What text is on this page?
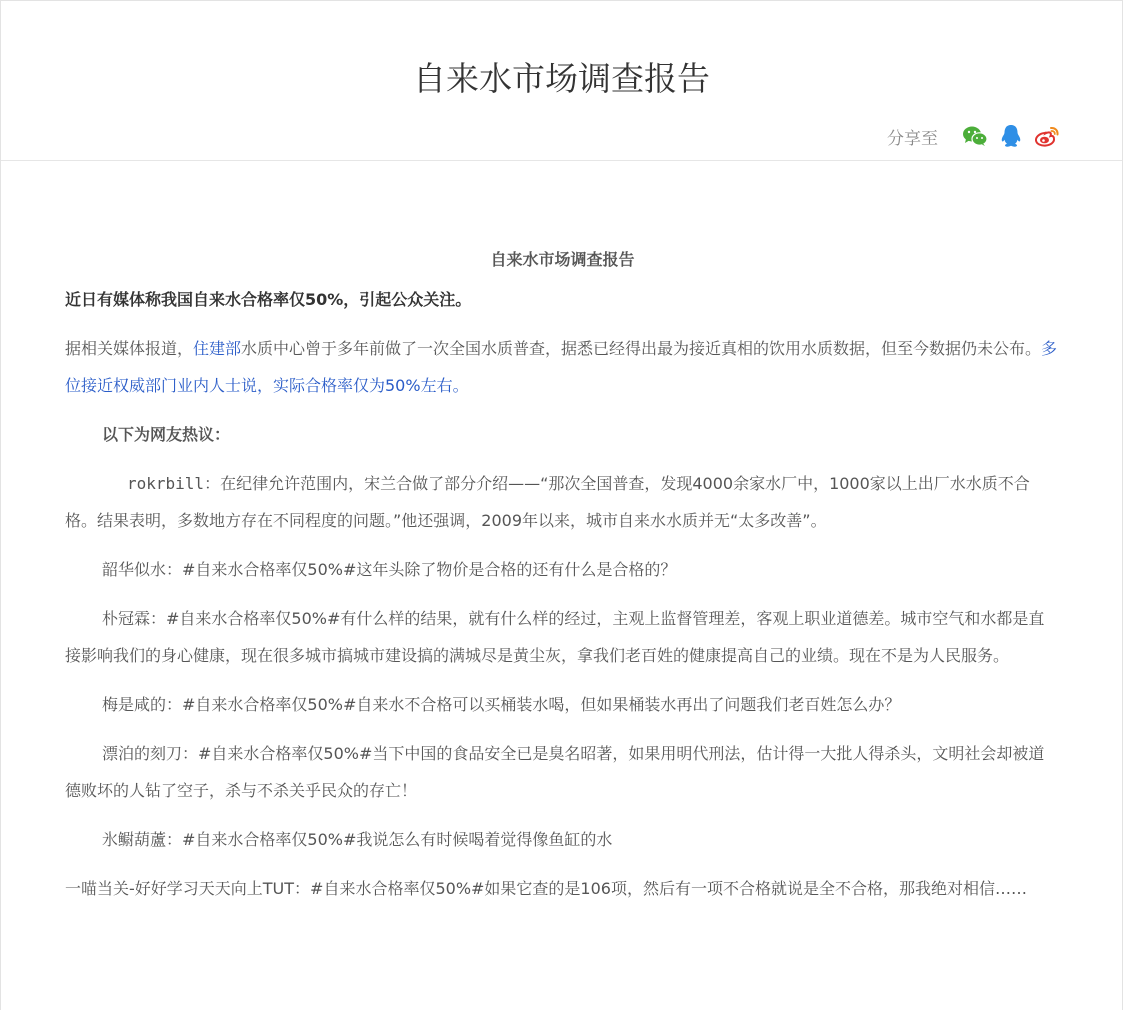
自来水市场调查报告
分享至

自来水市场调查报告

近日有媒体称我国自来水合格率仅50%，引起公众关注。

据相关媒体报道，住建部水质中心曾于多年前做了一次全国水质普查，据悉已经得出最为接近真相的饮用水质数据，但至今数据仍未公布。多位接近权威部门业内人士说，实际合格率仅为50%左右。

以下为网友热议：

rokrbill：在纪律允许范围内，宋兰合做了部分介绍——“那次全国普查，发现4000余家水厂中，1000家以上出厂水水质不合格。结果表明，多数地方存在不同程度的问题。”他还强调，2009年以来，城市自来水水质并无“太多改善”。

韶华似水：#自来水合格率仅50%#这年头除了物价是合格的还有什么是合格的？

朴冠霖：#自来水合格率仅50%#有什么样的结果，就有什么样的经过，主观上监督管理差，客观上职业道德差。城市空气和水都是直接影响我们的身心健康，现在很多城市搞城市建设搞的满城尽是黄尘灰，拿我们老百姓的健康提高自己的业绩。现在不是为人民服务。

梅是咸的：#自来水合格率仅50%#自来水不合格可以买桶装水喝，但如果桶装水再出了问题我们老百姓怎么办？

漂泊的刻刀：#自来水合格率仅50%#当下中国的食品安全已是臭名昭著，如果用明代刑法，估计得一大批人得杀头，文明社会却被道德败坏的人钻了空子，杀与不杀关乎民众的存亡！

氷鳚葫蘆：#自来水合格率仅50%#我说怎么有时候喝着觉得像鱼缸的水

一喵当关-好好学习天天向上TUT：#自来水合格率仅50%#如果它查的是106项，然后有一项不合格就说是全不合格，那我绝对相信……
